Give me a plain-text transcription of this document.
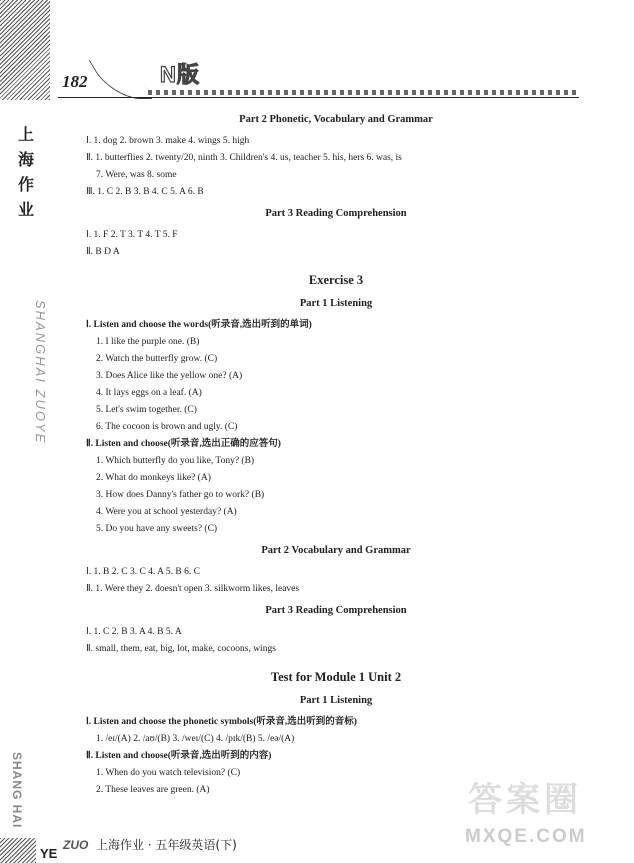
182	N版
上海作业
SHANGHAI ZUOYE
SHANG HAI

Part 2 Phonetic, Vocabulary and Grammar

Ⅰ. 1. dog 2. brown 3. make 4. wings 5. high

Ⅱ. 1. butterflies 2. twenty/20, ninth 3. Children's 4. us, teacher 5. his, hers 6. was, is

7. Were, was 8. some

Ⅲ. 1. C 2. B 3. B 4. C 5. A 6. B

Part 3 Reading Comprehension

Ⅰ. 1. F 2. T 3. T 4. T 5. F

Ⅱ. B D A

Exercise 3

Part 1 Listening

Ⅰ. Listen and choose the words(听录音,选出听到的单词)

1. I like the purple one. (B)

2. Watch the butterfly grow. (C)

3. Does Alice like the yellow one? (A)

4. It lays eggs on a leaf. (A)

5. Let's swim together. (C)

6. The cocoon is brown and ugly. (C)

Ⅱ. Listen and choose(听录音,选出正确的应答句)

1. Which butterfly do you like, Tony? (B)

2. What do monkeys like? (A)

3. How does Danny's father go to work? (B)

4. Were you at school yesterday? (A)

5. Do you have any sweets? (C)

Part 2 Vocabulary and Grammar

Ⅰ. 1. B 2. C 3. C 4. A 5. B 6. C

Ⅱ. 1. Were they 2. doesn't open 3. silkworm likes, leaves

Part 3 Reading Comprehension

Ⅰ. 1. C 2. B 3. A 4. B 5. A

Ⅱ. small, them, eat, big, lot, make, cocoons, wings

Test for Module 1 Unit 2

Part 1 Listening

Ⅰ. Listen and choose the phonetic symbols(听录音,选出听到的音标)

1. /eɪ/(A) 2. /aʊ/(B) 3. /weɪ/(C) 4. /pɪk/(B) 5. /eə/(A)

Ⅱ. Listen and choose(听录音,选出听到的内容)

1. When do you watch television? (C)

2. These leaves are green. (A)	答案圈
MXQE.COM
YE
ZUO 上海作业 · 五年级英语(下)
